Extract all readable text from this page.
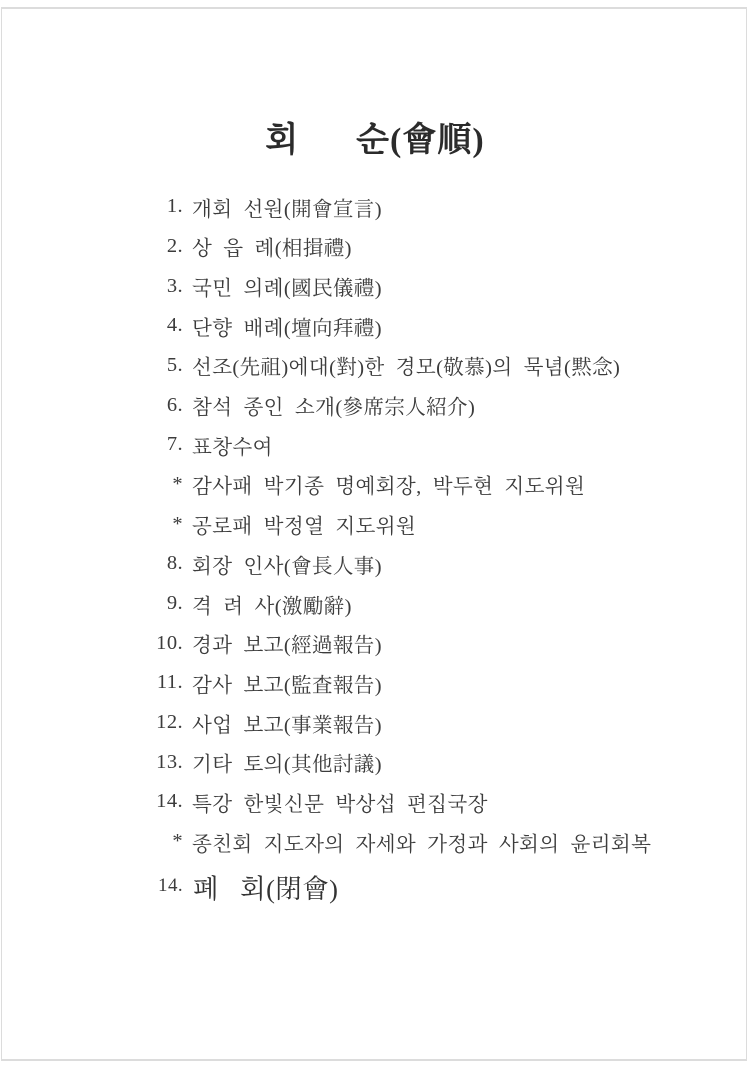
회      순(會順)
1. 개회  선원(開會宣言)
2. 상  읍  례(相揖禮)
3. 국민  의례(國民儀禮)
4. 단향  배례(壇向拜禮)
5. 선조(先祖)에대(對)한  경모(敬慕)의  묵념(黙念)
6. 참석  종인  소개(參席宗人紹介)
7. 표창수여
* 감사패  박기종  명예회장,  박두현  지도위원
* 공로패  박정열  지도위원
8. 회장  인사(會長人事)
9. 격  려  사(激勵辭)
10. 경과  보고(經過報告)
11. 감사  보고(監査報告)
12. 사업  보고(事業報告)
13. 기타  토의(其他討議)
14. 특강  한빛신문  박상섭  편집국장
* 종친회  지도자의  자세와  가정과  사회의  윤리회복
14. 폐   회(閉會)
